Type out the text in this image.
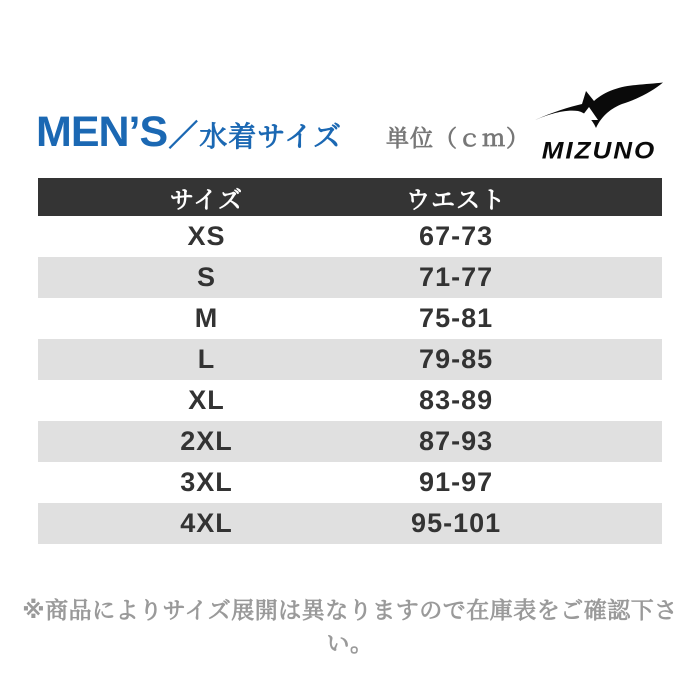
MEN’S ／ 水着サイズ 単位（ｃｍ） MIZUNO
サイズ	ウエスト
XS	67-73
S	71-77
M	75-81
L	79-85
XL	83-89
2XL	87-93
3XL	91-97
4XL	95-101
※商品によりサイズ展開は異なりますので在庫表をご確認下さい。
